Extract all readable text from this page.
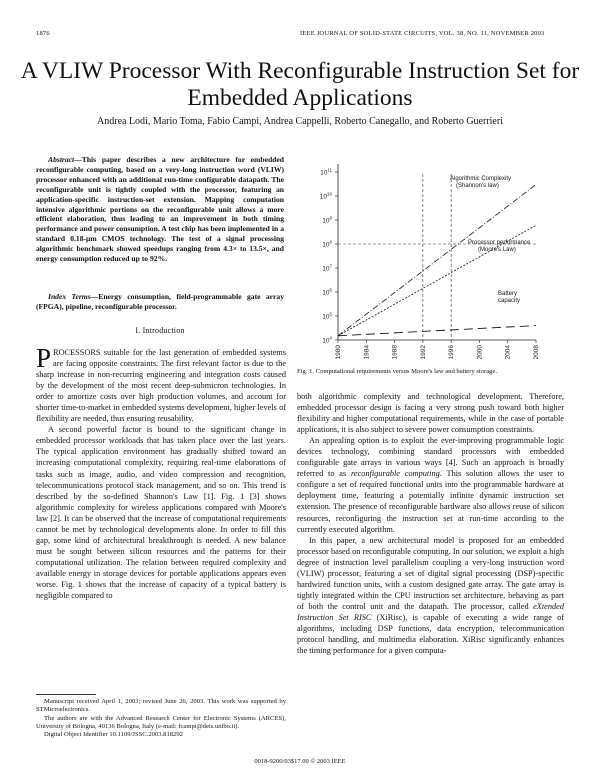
1876	IEEE JOURNAL OF SOLID-STATE CIRCUITS, VOL. 38, NO. 11, NOVEMBER 2003
A VLIW Processor With Reconfigurable Instruction Set for Embedded Applications
Andrea Lodi, Mario Toma, Fabio Campi, Andrea Cappelli, Roberto Canegallo, and Roberto Guerrieri

Abstract—This paper describes a new architecture for embedded reconfigurable computing, based on a very-long instruction word (VLIW) processor enhanced with an additional run-time configurable datapath. The reconfigurable unit is tightly coupled with the processor, featuring an application-specific instruction-set extension. Mapping computation intensive algorithmic portions on the reconfigurable unit allows a more efficient elaboration, thus leading to an improvement in both timing performance and power consumption. A test chip has been implemented in a standard 0.18-μm CMOS technology. The test of a signal processing algorithmic benchmark showed speedups ranging from 4.3× to 13.5×, and energy consumption reduced up to 92%.

Index Terms—Energy consumption, field-programmable gate array (FPGA), pipeline, reconfigurable processor.

I. Introduction

PROCESSORS suitable for the last generation of embedded systems are facing opposite constraints. The first relevant factor is due to the sharp increase in non-recurring engineering and integration costs caused by the development of the most recent deep-submicron technologies. In order to amortize costs over high production volumes, and account for shorter time-to-market in embedded systems development, higher levels of flexibility are needed, thus ensuring reusability.

A second powerful factor is bound to the significant change in embedded processor workloads that has taken place over the last years. The typical application environment has gradually shifted toward an increasing computational complexity, requiring real-time elaborations of tasks such as image, audio, and video compression and recognition, telecommunications protocol stack management, and so on. This trend is described by the so-defined Shannon's Law [1]. Fig. 1 [3] shows algorithmic complexity for wireless applications compared with Moore's law [2]. It can be observed that the increase of computational requirements cannot be met by technological developments alone. In order to fill this gap, some kind of architectural breakthrough is needed. A new balance must be sought between silicon resources and the patterns for their computational utilization. The relation between required complexity and available energy in storage devices for portable applications appears even worse. Fig. 1 shows that the increase of capacity of a typical battery is negligible compared to

Manuscript received April 1, 2003; revised June 26, 2003. This work was supported by STMicroelectronics.

The authors are with the Advanced Research Center for Electronic Systems (ARCES), University of Bologna, 40136 Bologna, Italy (e-mail: fcampi@deis.unibo.it).

Digital Object Identifier 10.1109/JSSC.2003.818292

$10^4$
$10^5$
$10^6$
$10^7$
$10^8$
$10^9$
$10^{10}$
$10^{11}$
1980	1984	1988	1992	1996	2000	2004	2008
Algorithmic Complexity
(Shannon's law)
Processor performance
(Moore's Law)
Battery
capacity
Fig. 1. Computational requirements versus Moore's law and battery storage.

both algorithmic complexity and technological development. Therefore, embedded processor design is facing a very strong push toward both higher flexibility and higher computational requirements, while in the case of portable applications, it is also subject to severe power consumption constraints.

An appealing option is to exploit the ever-improving programmable logic devices technology, combining standard processors with embedded configurable gate arrays in various ways [4]. Such an approach is broadly referred to as reconfigurable computing. This solution allows the user to configure a set of required functional units into the programmable hardware at deployment time, featuring a potentially infinite dynamic instruction set extension. The presence of reconfigurable hardware also allows reuse of silicon resources, reconfiguring the instruction set at run-time according to the currently executed algorithm.

In this paper, a new architectural model is proposed for an embedded processor based on reconfigurable computing. In our solution, we exploit a high degree of instruction level parallelism coupling a very-long instruction word (VLIW) processor, featuring a set of digital signal processing (DSP)-specific hardwired function units, with a custom designed gate array. The gate array is tightly integrated within the CPU instruction set architecture, behaving as part of both the control unit and the datapath. The processor, called eXtended Instruction Set RISC (XiRisc), is capable of executing a wide range of algorithms, including DSP functions, data encryption, telecommunication protocol handling, and multimedia elaboration. XiRisc significantly enhances the timing performance for a given computa-

0018-9200/03$17.00 © 2003 IEEE
